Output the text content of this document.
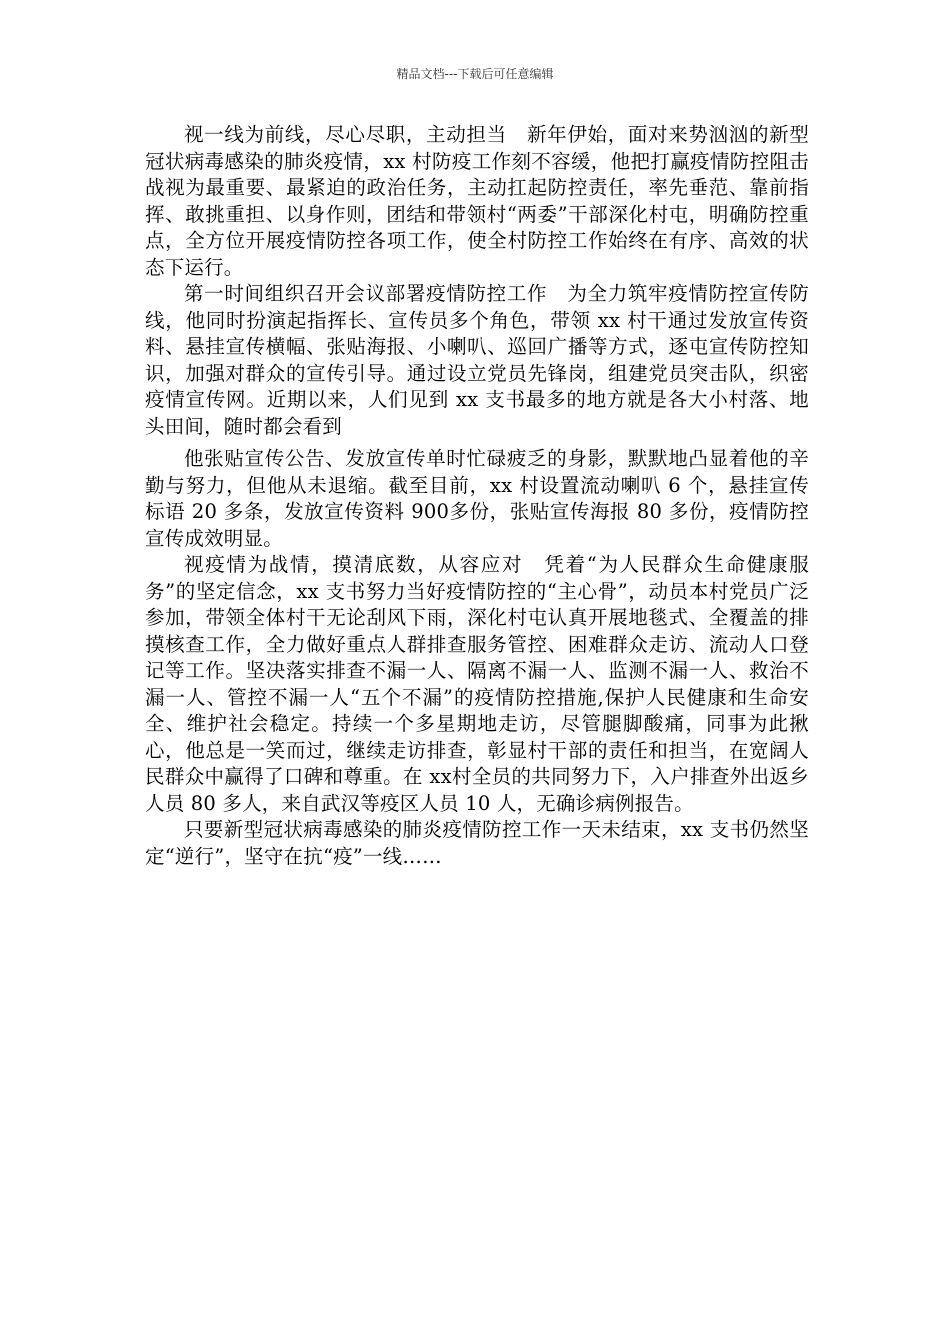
精品文档---下载后可任意编辑

视一线为前线，尽心尽职，主动担当　新年伊始，面对来势汹汹的新型冠状病毒感染的肺炎疫情，xx 村防疫工作刻不容缓，他把打赢疫情防控阻击战视为最重要、最紧迫的政治任务，主动扛起防控责任，率先垂范、靠前指挥、敢挑重担、以身作则，团结和带领村“两委”干部深化村屯，明确防控重点，全方位开展疫情防控各项工作，使全村防控工作始终在有序、高效的状态下运行。

第一时间组织召开会议部署疫情防控工作　为全力筑牢疫情防控宣传防线，他同时扮演起指挥长、宣传员多个角色，带领 xx 村干通过发放宣传资料、悬挂宣传横幅、张贴海报、小喇叭、巡回广播等方式，逐屯宣传防控知识，加强对群众的宣传引导。通过设立党员先锋岗，组建党员突击队，织密疫情宣传网。近期以来，人们见到 xx 支书最多的地方就是各大小村落、地头田间，随时都会看到

他张贴宣传公告、发放宣传单时忙碌疲乏的身影，默默地凸显着他的辛勤与努力，但他从未退缩。截至目前，xx 村设置流动喇叭 6 个，悬挂宣传标语 20 多条，发放宣传资料 900多份，张贴宣传海报 80 多份，疫情防控宣传成效明显。

视疫情为战情，摸清底数，从容应对　凭着“为人民群众生命健康服务”的坚定信念，xx 支书努力当好疫情防控的“主心骨”，动员本村党员广泛参加，带领全体村干无论刮风下雨，深化村屯认真开展地毯式、全覆盖的排摸核查工作，全力做好重点人群排查服务管控、困难群众走访、流动人口登记等工作。坚决落实排查不漏一人、隔离不漏一人、监测不漏一人、救治不漏一人、管控不漏一人“五个不漏”的疫情防控措施,保护人民健康和生命安全、维护社会稳定。持续一个多星期地走访，尽管腿脚酸痛，同事为此揪心，他总是一笑而过，继续走访排查，彰显村干部的责任和担当，在宽阔人民群众中赢得了口碑和尊重。在 xx村全员的共同努力下，入户排查外出返乡人员 80 多人，来自武汉等疫区人员 10 人，无确诊病例报告。

只要新型冠状病毒感染的肺炎疫情防控工作一天未结束，xx 支书仍然坚定“逆行”，坚守在抗“疫”一线……
